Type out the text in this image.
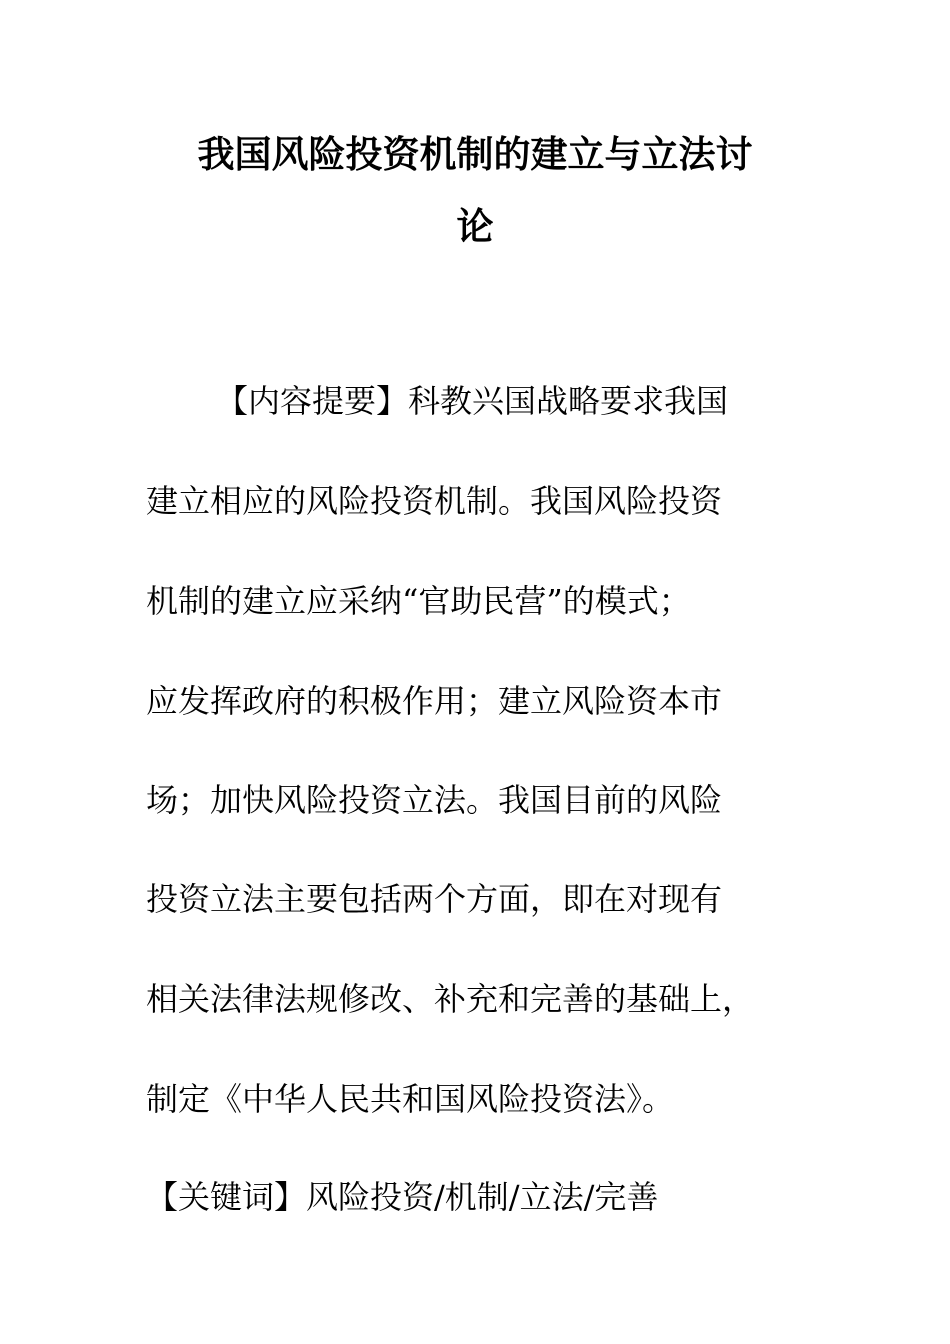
我国风险投资机制的建立与立法讨
论
【内容提要】科教兴国战略要求我国
建立相应的风险投资机制。我国风险投资
机制的建立应采纳“官助民营”的模式；
应发挥政府的积极作用；建立风险资本市
场；加快风险投资立法。我国目前的风险
投资立法主要包括两个方面，即在对现有
相关法律法规修改、补充和完善的基础上，
制定《中华人民共和国风险投资法》。
【关键词】风险投资/机制/立法/完善
